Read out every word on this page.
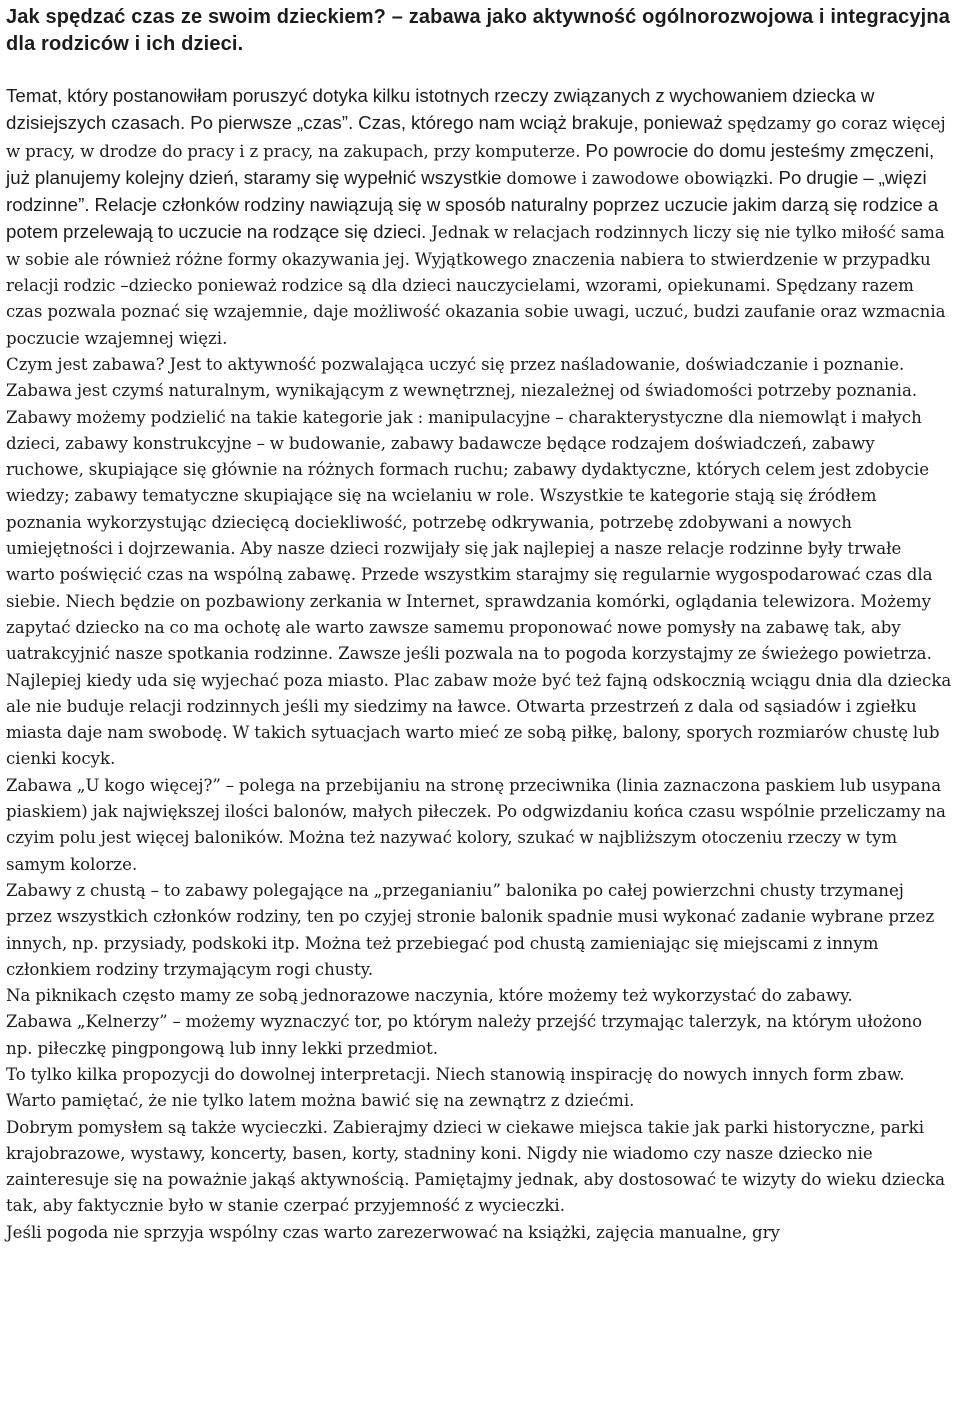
Jak spędzać czas ze swoim dzieckiem? – zabawa jako aktywność ogólnorozwojowa i integracyjna dla rodziców i ich dzieci.

Temat, który postanowiłam poruszyć dotyka kilku istotnych rzeczy związanych z wychowaniem dziecka w dzisiejszych czasach. Po pierwsze „czas”. Czas, którego nam wciąż brakuje, ponieważ spędzamy go coraz więcej w pracy, w drodze do pracy i z pracy, na zakupach, przy komputerze. Po powrocie do domu jesteśmy zmęczeni, już planujemy kolejny dzień, staramy się wypełnić wszystkie domowe i zawodowe obowiązki. Po drugie – „więzi rodzinne”. Relacje członków rodziny nawiązują się w sposób naturalny poprzez uczucie jakim darzą się rodzice a potem przelewają to uczucie na rodzące się dzieci. Jednak w relacjach rodzinnych liczy się nie tylko miłość sama w sobie ale również różne formy okazywania jej. Wyjątkowego znaczenia nabiera to stwierdzenie w przypadku relacji rodzic –dziecko ponieważ rodzice są dla dzieci nauczycielami, wzorami, opiekunami. Spędzany razem czas pozwala poznać się wzajemnie, daje możliwość okazania sobie uwagi, uczuć, budzi zaufanie oraz wzmacnia poczucie wzajemnej więzi.

Czym jest zabawa? Jest to aktywność pozwalająca uczyć się przez naśladowanie, doświadczanie i poznanie. Zabawa jest czymś naturalnym, wynikającym z wewnętrznej, niezależnej od świadomości potrzeby poznania. Zabawy możemy podzielić na takie kategorie jak : manipulacyjne – charakterystyczne dla niemowląt i małych dzieci, zabawy konstrukcyjne – w budowanie, zabawy badawcze będące rodzajem doświadczeń, zabawy ruchowe, skupiające się głównie na różnych formach ruchu; zabawy dydaktyczne, których celem jest zdobycie wiedzy; zabawy tematyczne skupiające się na wcielaniu w role. Wszystkie te kategorie stają się źródłem poznania wykorzystując dziecięcą dociekliwość, potrzebę odkrywania, potrzebę zdobywani a nowych umiejętności i dojrzewania. Aby nasze dzieci rozwijały się jak najlepiej a nasze relacje rodzinne były trwałe warto poświęcić czas na wspólną zabawę. Przede wszystkim starajmy się regularnie wygospodarować czas dla siebie. Niech będzie on pozbawiony zerkania w Internet, sprawdzania komórki, oglądania telewizora. Możemy zapytać dziecko na co ma ochotę ale warto zawsze samemu proponować nowe pomysły na zabawę tak, aby uatrakcyjnić nasze spotkania rodzinne. Zawsze jeśli pozwala na to pogoda korzystajmy ze świeżego powietrza. Najlepiej kiedy uda się wyjechać poza miasto. Plac zabaw może być też fajną odskocznią wciągu dnia dla dziecka ale nie buduje relacji rodzinnych jeśli my siedzimy na ławce. Otwarta przestrzeń z dala od sąsiadów i zgiełku miasta daje nam swobodę. W takich sytuacjach warto mieć ze sobą piłkę, balony, sporych rozmiarów chustę lub cienki kocyk.

Zabawa „U kogo więcej?” – polega na przebijaniu na stronę przeciwnika (linia zaznaczona paskiem lub usypana piaskiem) jak największej ilości balonów, małych piłeczek. Po odgwizdaniu końca czasu wspólnie przeliczamy na czyim polu jest więcej baloników. Można też nazywać kolory, szukać w najbliższym otoczeniu rzeczy w tym samym kolorze.

Zabawy z chustą – to zabawy polegające na „przeganianiu” balonika po całej powierzchni chusty trzymanej przez wszystkich członków rodziny, ten po czyjej stronie balonik spadnie musi wykonać zadanie wybrane przez innych, np. przysiady, podskoki itp. Można też przebiegać pod chustą zamieniając się miejscami z innym członkiem rodziny trzymającym rogi chusty.

Na piknikach często mamy ze sobą jednorazowe naczynia, które możemy też wykorzystać do zabawy.

Zabawa „Kelnerzy” – możemy wyznaczyć tor, po którym należy przejść trzymając talerzyk, na którym ułożono np. piłeczkę pingpongową lub inny lekki przedmiot.

To tylko kilka propozycji do dowolnej interpretacji. Niech stanowią inspirację do nowych innych form zbaw. Warto pamiętać, że nie tylko latem można bawić się na zewnątrz z dziećmi.

Dobrym pomysłem są także wycieczki. Zabierajmy dzieci w ciekawe miejsca takie jak parki historyczne, parki krajobrazowe, wystawy, koncerty, basen, korty, stadniny koni. Nigdy nie wiadomo czy nasze dziecko nie zainteresuje się na poważnie jakąś aktywnością. Pamiętajmy jednak, aby dostosować te wizyty do wieku dziecka tak, aby faktycznie było w stanie czerpać przyjemność z wycieczki.

Jeśli pogoda nie sprzyja wspólny czas warto zarezerwować na książki, zajęcia manualne, gry
